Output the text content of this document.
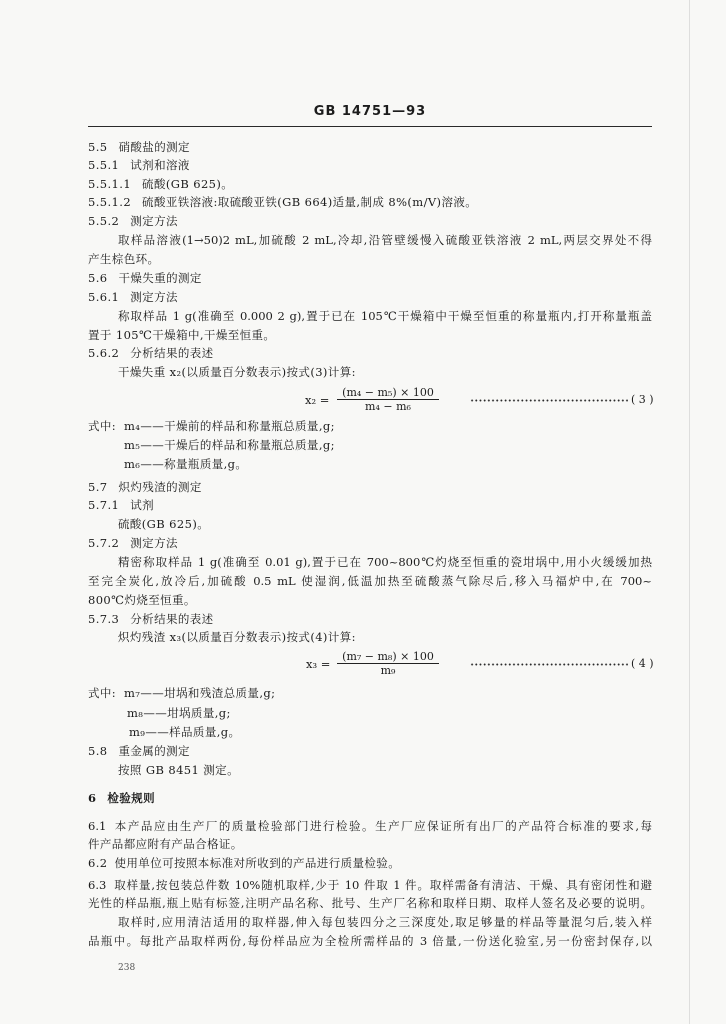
GB 14751—93
5.5 硝酸盐的测定
5.5.1 试剂和溶液
5.5.1.1 硫酸(GB 625)。
5.5.1.2 硫酸亚铁溶液:取硫酸亚铁(GB 664)适量,制成 8%(m/V)溶液。
5.5.2 测定方法
取样品溶液(1→50)2 mL,加硫酸 2 mL,冷却,沿管壁缓慢入硫酸亚铁溶液 2 mL,两层交界处不得
产生棕色环。
5.6 干燥失重的测定
5.6.1 测定方法
称取样品 1 g(准确至 0.000 2 g),置于已在 105℃干燥箱中干燥至恒重的称量瓶内,打开称量瓶盖
置于 105℃干燥箱中,干燥至恒重。
5.6.2 分析结果的表述
干燥失重 x₂(以质量百分数表示)按式(3)计算:
x₂ =
(m₄ − m₅) × 100
m₄ − m₆
( 3 )
式中: m₄——干燥前的样品和称量瓶总质量,g;
m₅——干燥后的样品和称量瓶总质量,g;
m₆——称量瓶质量,g。
5.7 炽灼残渣的测定
5.7.1 试剂
硫酸(GB 625)。
5.7.2 测定方法
精密称取样品 1 g(准确至 0.01 g),置于已在 700~800℃灼烧至恒重的瓷坩埚中,用小火缓缓加热
至完全炭化,放冷后,加硫酸 0.5 mL 使湿润,低温加热至硫酸蒸气除尽后,移入马福炉中,在 700~
800℃灼烧至恒重。
5.7.3 分析结果的表述
炽灼残渣 x₃(以质量百分数表示)按式(4)计算:
x₃ =
(m₇ − m₈) × 100
m₉
( 4 )
式中: m₇——坩埚和残渣总质量,g;
m₈——坩埚质量,g;
m₉——样品质量,g。
5.8 重金属的测定
按照 GB 8451 测定。
6 检验规则
6.1 本产品应由生产厂的质量检验部门进行检验。生产厂应保证所有出厂的产品符合标准的要求,每
件产品都应附有产品合格证。
6.2 使用单位可按照本标准对所收到的产品进行质量检验。
6.3 取样量,按包装总件数 10%随机取样,少于 10 件取 1 件。取样需备有清洁、干燥、具有密闭性和避
光性的样品瓶,瓶上贴有标签,注明产品名称、批号、生产厂名称和取样日期、取样人签名及必要的说明。
取样时,应用清洁适用的取样器,伸入每包装四分之三深度处,取足够量的样品等量混匀后,装入样
品瓶中。每批产品取样两份,每份样品应为全检所需样品的 3 倍量,一份送化验室,另一份密封保存,以
238
